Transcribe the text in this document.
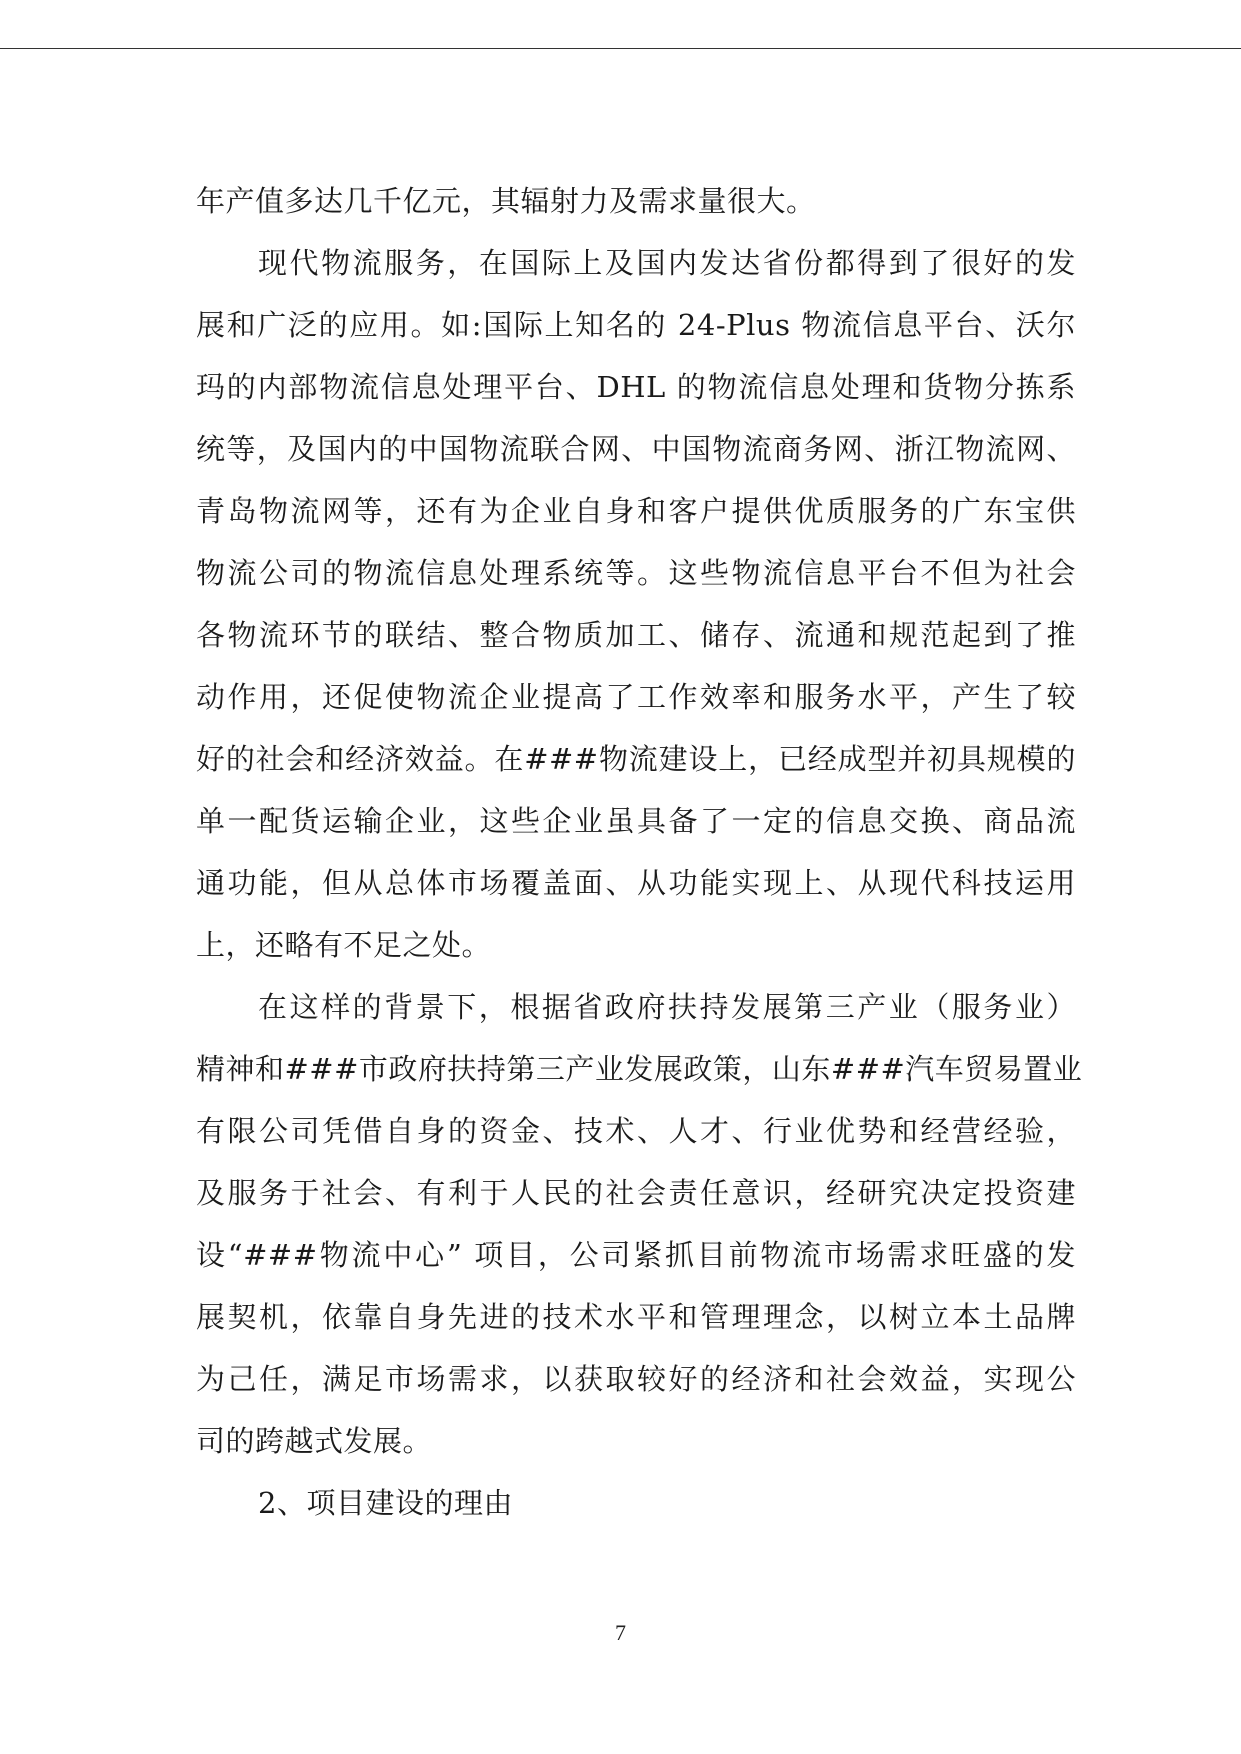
年产值多达几千亿元，其辐射力及需求量很大。
现代物流服务，在国际上及国内发达省份都得到了很好的发
展和广泛的应用。如:国际上知名的 24-Plus 物流信息平台、沃尔
玛的内部物流信息处理平台、DHL 的物流信息处理和货物分拣系
统等，及国内的中国物流联合网、中国物流商务网、浙江物流网、
青岛物流网等，还有为企业自身和客户提供优质服务的广东宝供
物流公司的物流信息处理系统等。这些物流信息平台不但为社会
各物流环节的联结、整合物质加工、储存、流通和规范起到了推
动作用，还促使物流企业提高了工作效率和服务水平，产生了较
好的社会和经济效益。在###物流建设上，已经成型并初具规模的
单一配货运输企业，这些企业虽具备了一定的信息交换、商品流
通功能，但从总体市场覆盖面、从功能实现上、从现代科技运用
上，还略有不足之处。
在这样的背景下，根据省政府扶持发展第三产业（服务业）
精神和###市政府扶持第三产业发展政策，山东###汽车贸易置业
有限公司凭借自身的资金、技术、人才、行业优势和经营经验，
及服务于社会、有利于人民的社会责任意识，经研究决定投资建
设“###物流中心” 项目，公司紧抓目前物流市场需求旺盛的发
展契机，依靠自身先进的技术水平和管理理念，以树立本土品牌
为己任，满足市场需求，以获取较好的经济和社会效益，实现公
司的跨越式发展。
2、项目建设的理由
7
